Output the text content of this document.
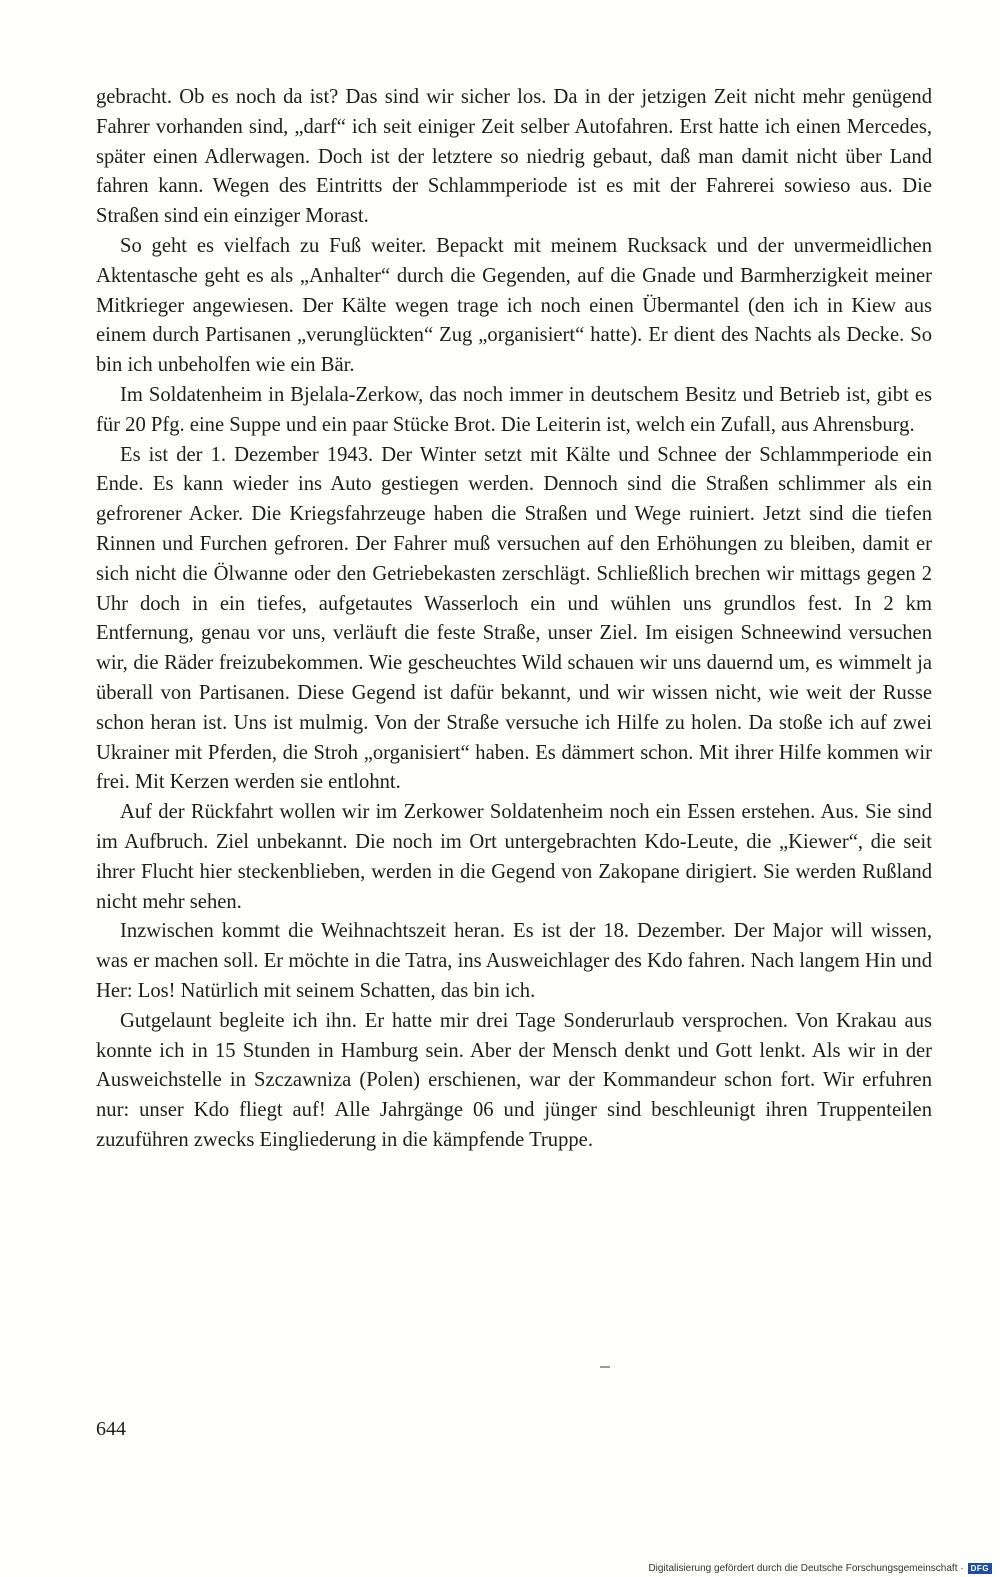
gebracht. Ob es noch da ist? Das sind wir sicher los. Da in der jetzigen Zeit nicht mehr genügend Fahrer vorhanden sind, „darf“ ich seit einiger Zeit selber Autofahren. Erst hatte ich einen Mercedes, später einen Adlerwagen. Doch ist der letztere so niedrig gebaut, daß man damit nicht über Land fahren kann. Wegen des Eintritts der Schlammperiode ist es mit der Fahrerei sowieso aus. Die Straßen sind ein einziger Morast.

So geht es vielfach zu Fuß weiter. Bepackt mit meinem Rucksack und der unvermeidlichen Aktentasche geht es als „Anhalter“ durch die Gegenden, auf die Gnade und Barmherzigkeit meiner Mitkrieger angewiesen. Der Kälte wegen trage ich noch einen Übermantel (den ich in Kiew aus einem durch Partisanen „verunglückten“ Zug „organisiert“ hatte). Er dient des Nachts als Decke. So bin ich unbeholfen wie ein Bär.

Im Soldatenheim in Bjelala-Zerkow, das noch immer in deutschem Besitz und Betrieb ist, gibt es für 20 Pfg. eine Suppe und ein paar Stücke Brot. Die Leiterin ist, welch ein Zufall, aus Ahrensburg.

Es ist der 1. Dezember 1943. Der Winter setzt mit Kälte und Schnee der Schlammperiode ein Ende. Es kann wieder ins Auto gestiegen werden. Dennoch sind die Straßen schlimmer als ein gefrorener Acker. Die Kriegsfahrzeuge haben die Straßen und Wege ruiniert. Jetzt sind die tiefen Rinnen und Furchen gefroren. Der Fahrer muß versuchen auf den Erhöhungen zu bleiben, damit er sich nicht die Ölwanne oder den Getriebekasten zerschlägt. Schließlich brechen wir mittags gegen 2 Uhr doch in ein tiefes, aufgetautes Wasserloch ein und wühlen uns grundlos fest. In 2 km Entfernung, genau vor uns, verläuft die feste Straße, unser Ziel. Im eisigen Schneewind versuchen wir, die Räder freizubekommen. Wie gescheuchtes Wild schauen wir uns dauernd um, es wimmelt ja überall von Partisanen. Diese Gegend ist dafür bekannt, und wir wissen nicht, wie weit der Russe schon heran ist. Uns ist mulmig. Von der Straße versuche ich Hilfe zu holen. Da stoße ich auf zwei Ukrainer mit Pferden, die Stroh „organisiert“ haben. Es dämmert schon. Mit ihrer Hilfe kommen wir frei. Mit Kerzen werden sie entlohnt.

Auf der Rückfahrt wollen wir im Zerkower Soldatenheim noch ein Essen erstehen. Aus. Sie sind im Aufbruch. Ziel unbekannt. Die noch im Ort untergebrachten Kdo-Leute, die „Kiewer“, die seit ihrer Flucht hier steckenblieben, werden in die Gegend von Zakopane dirigiert. Sie werden Rußland nicht mehr sehen.

Inzwischen kommt die Weihnachtszeit heran. Es ist der 18. Dezember. Der Major will wissen, was er machen soll. Er möchte in die Tatra, ins Ausweichlager des Kdo fahren. Nach langem Hin und Her: Los! Natürlich mit seinem Schatten, das bin ich.

Gutgelaunt begleite ich ihn. Er hatte mir drei Tage Sonderurlaub versprochen. Von Krakau aus konnte ich in 15 Stunden in Hamburg sein. Aber der Mensch denkt und Gott lenkt. Als wir in der Ausweichstelle in Szczawniza (Polen) erschienen, war der Kommandeur schon fort. Wir erfuhren nur: unser Kdo fliegt auf! Alle Jahrgänge 06 und jünger sind beschleunigt ihren Truppenteilen zuzuführen zwecks Eingliederung in die kämpfende Truppe.

644
Digitalisierung gefördert durch die Deutsche Forschungsgemeinschaft · DFG
